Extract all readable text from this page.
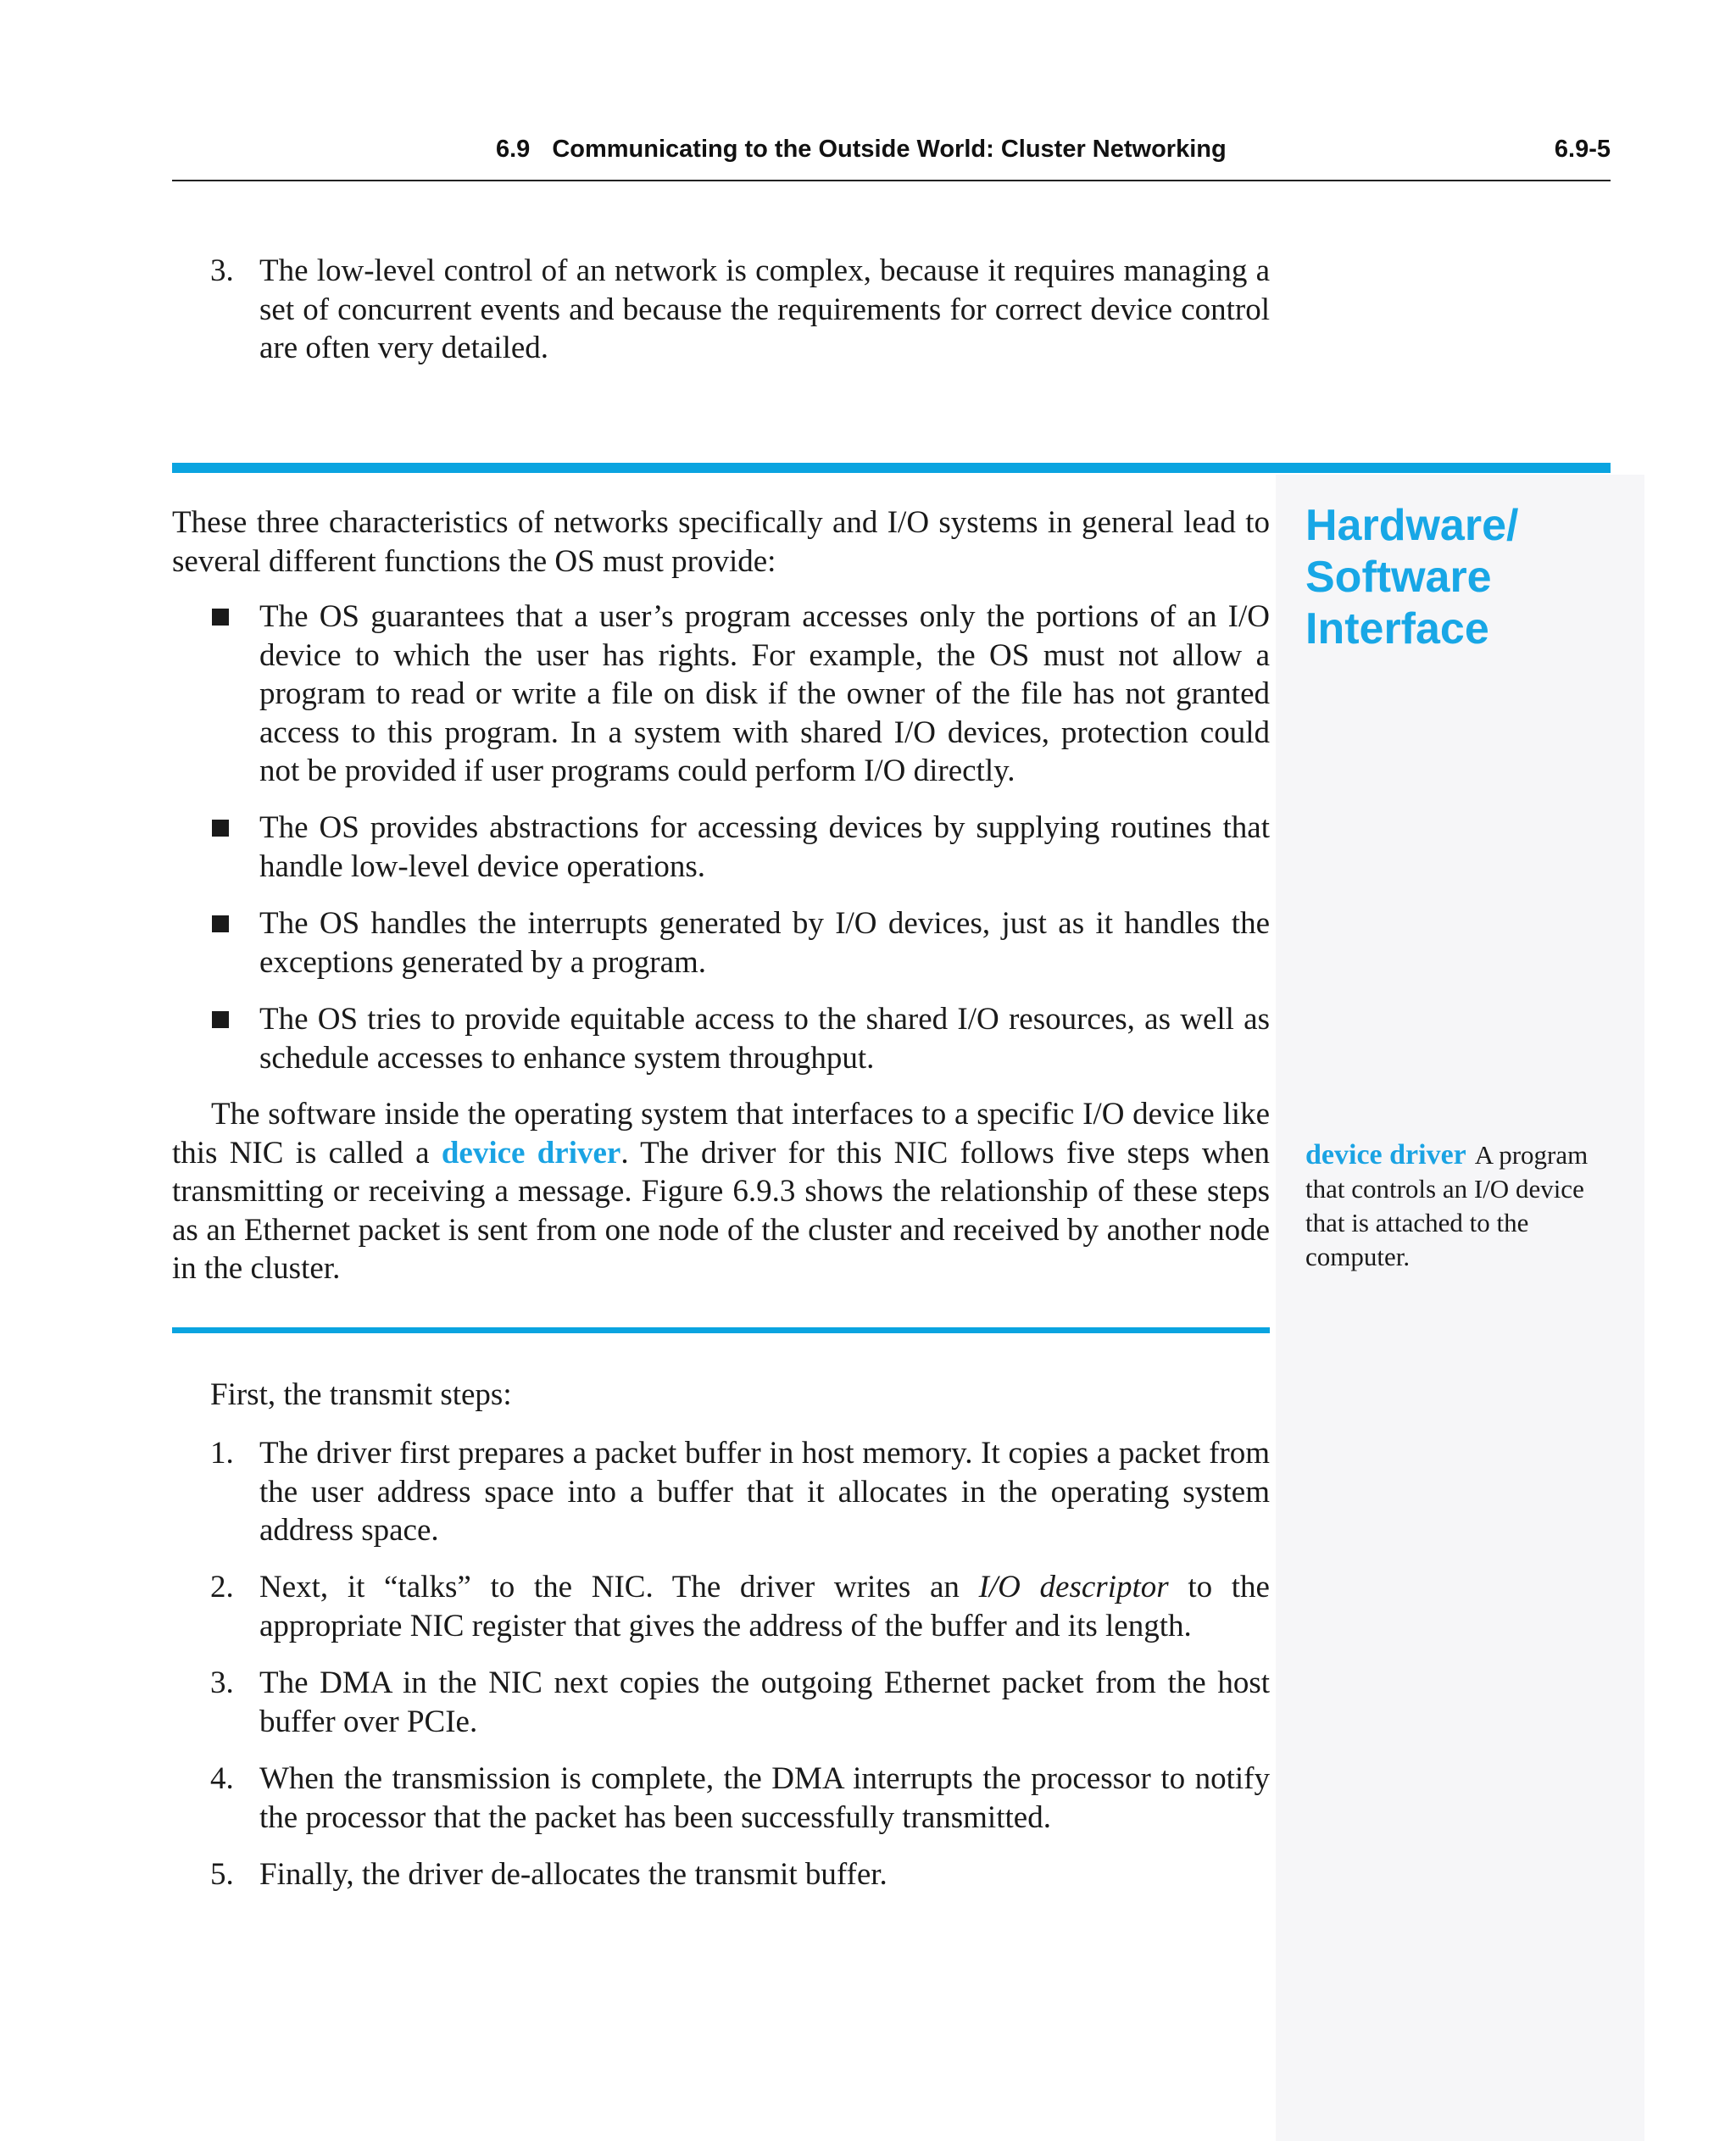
6.9 Communicating to the Outside World: Cluster Networking	6.9-5
3. The low-level control of an network is complex, because it requires managing a set of concurrent events and because the requirements for correct device control are often very detailed.
Hardware/
Software
Interface
These three characteristics of networks specifically and I/O systems in general lead to several different functions the OS must provide:
The OS guarantees that a user’s program accesses only the portions of an I/O device to which the user has rights. For example, the OS must not allow a program to read or write a file on disk if the owner of the file has not granted access to this program. In a system with shared I/O devices, protection could not be provided if user programs could perform I/O directly.
The OS provides abstractions for accessing devices by supplying routines that handle low-level device operations.
The OS handles the interrupts generated by I/O devices, just as it handles the exceptions generated by a program.
The OS tries to provide equitable access to the shared I/O resources, as well as schedule accesses to enhance system throughput.
The software inside the operating system that interfaces to a specific I/O device like this NIC is called a device driver. The driver for this NIC follows five steps when transmitting or receiving a message. Figure 6.9.3 shows the relationship of these steps as an Ethernet packet is sent from one node of the cluster and received by another node in the cluster.
device driver A program that controls an I/O device that is attached to the computer.
First, the transmit steps:
1. The driver first prepares a packet buffer in host memory. It copies a packet from the user address space into a buffer that it allocates in the operating system address space.
2. Next, it “talks” to the NIC. The driver writes an I/O descriptor to the appropriate NIC register that gives the address of the buffer and its length.
3. The DMA in the NIC next copies the outgoing Ethernet packet from the host buffer over PCIe.
4. When the transmission is complete, the DMA interrupts the processor to notify the processor that the packet has been successfully transmitted.
5. Finally, the driver de-allocates the transmit buffer.
